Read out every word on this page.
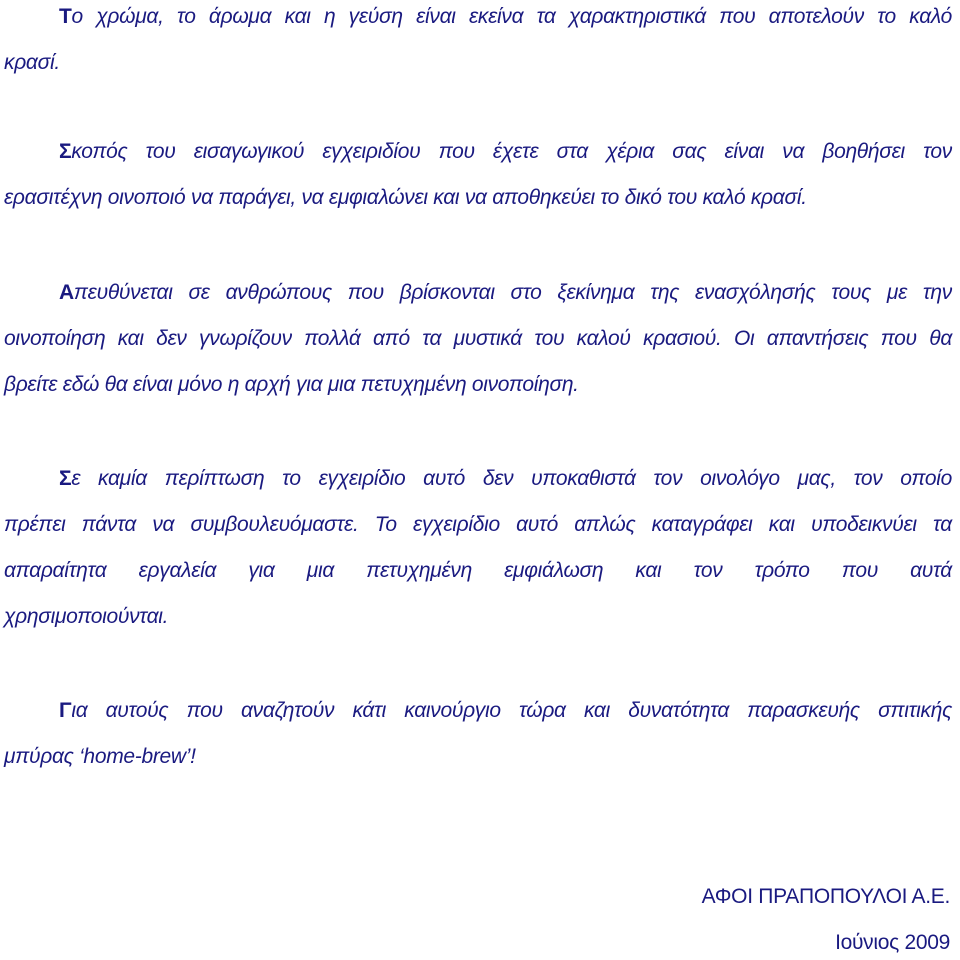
Το χρώμα, το άρωμα και η γεύση είναι εκείνα τα χαρακτηριστικά που αποτελούν το καλό
κρασί.
Σκοπός του εισαγωγικού εγχειριδίου που έχετε στα χέρια σας είναι να βοηθήσει τον
ερασιτέχνη οινοποιό να παράγει, να εμφιαλώνει και να αποθηκεύει το δικό του καλό κρασί.
Απευθύνεται σε ανθρώπους που βρίσκονται στο ξεκίνημα της ενασχόλησής τους με την
οινοποίηση και δεν γνωρίζουν πολλά από τα μυστικά του καλού κρασιού. Οι απαντήσεις που θα
βρείτε εδώ θα είναι μόνο η αρχή για μια πετυχημένη οινοποίηση.
Σε καμία περίπτωση το εγχειρίδιο αυτό δεν υποκαθιστά τον οινολόγο μας, τον οποίο
πρέπει πάντα να συμβουλευόμαστε. Το εγχειρίδιο αυτό απλώς καταγράφει και υποδεικνύει τα
απαραίτητα εργαλεία για μια πετυχημένη εμφιάλωση και τον τρόπο που αυτά
χρησιμοποιούνται.
Για αυτούς που αναζητούν κάτι καινούργιο τώρα και δυνατότητα παρασκευής σπιτικής
μπύρας ‘home-brew’!

ΑΦΟΙ ΠΡΑΠΟΠΟΥΛΟΙ Α.Ε.

Ιούνιος 2009
